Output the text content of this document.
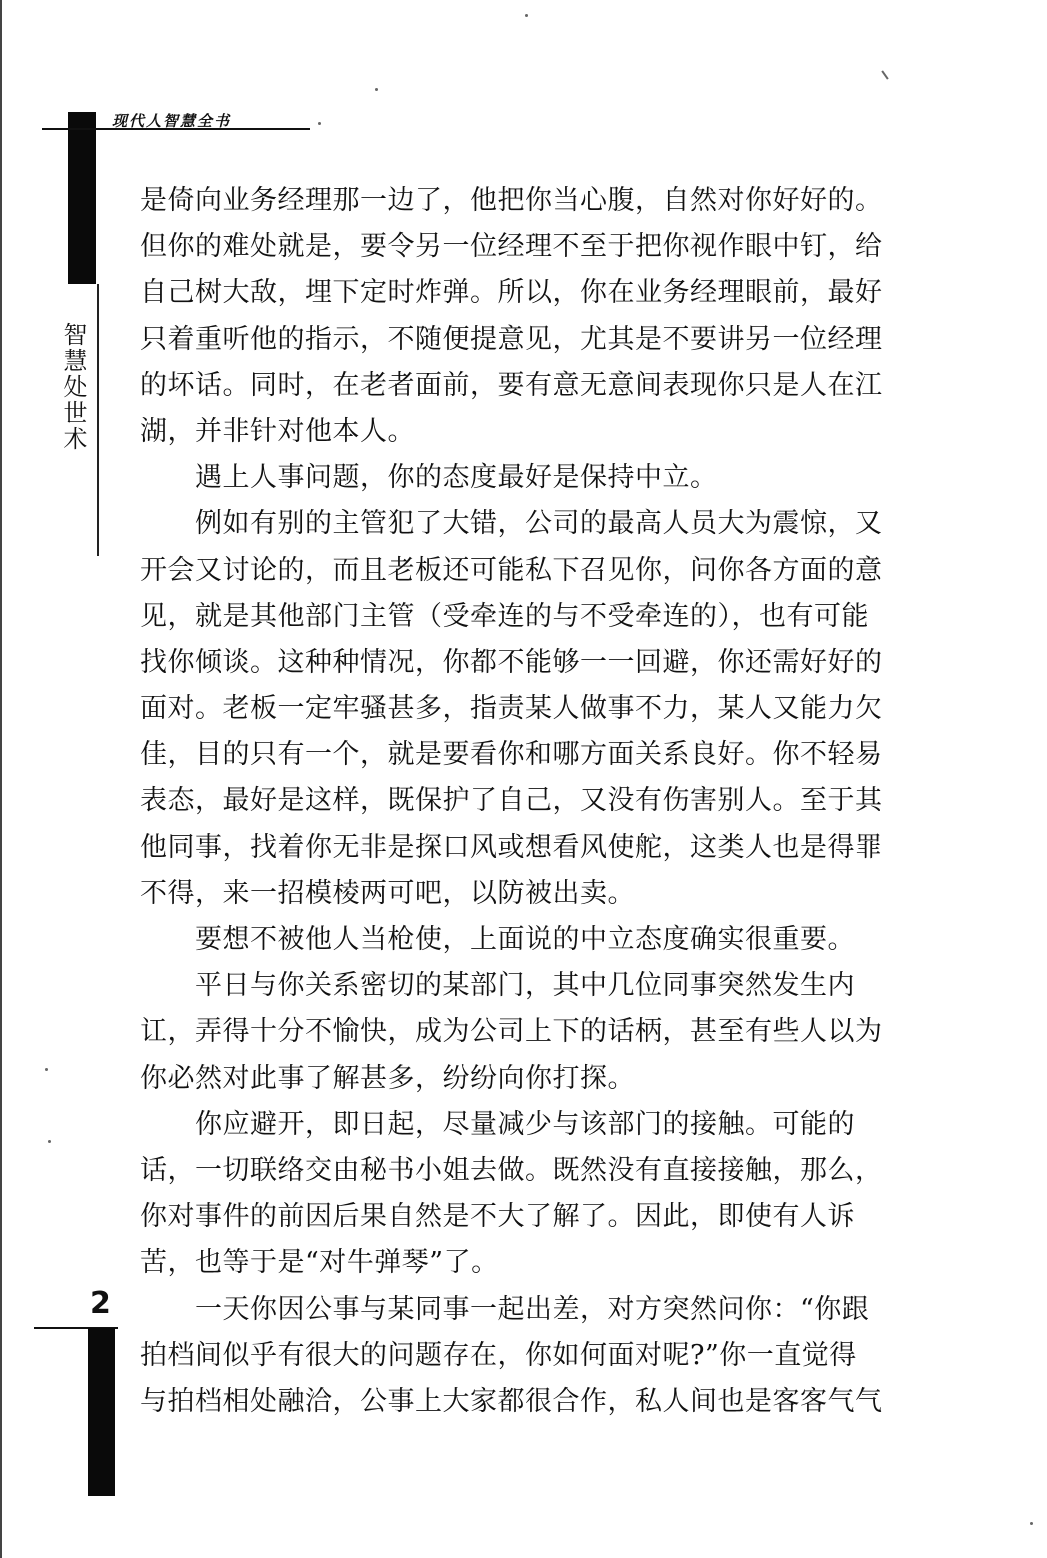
现代人智慧全书
智慧处世术
2
是倚向业务经理那一边了，他把你当心腹，自然对你好好的。
但你的难处就是，要令另一位经理不至于把你视作眼中钉，给
自己树大敌，埋下定时炸弹。所以，你在业务经理眼前，最好
只着重听他的指示，不随便提意见，尤其是不要讲另一位经理
的坏话。同时，在老者面前，要有意无意间表现你只是人在江
湖，并非针对他本人。
　　遇上人事问题，你的态度最好是保持中立。
　　例如有别的主管犯了大错，公司的最高人员大为震惊，又
开会又讨论的，而且老板还可能私下召见你，问你各方面的意
见，就是其他部门主管（受牵连的与不受牵连的），也有可能
找你倾谈。这种种情况，你都不能够一一回避，你还需好好的
面对。老板一定牢骚甚多，指责某人做事不力，某人又能力欠
佳，目的只有一个，就是要看你和哪方面关系良好。你不轻易
表态，最好是这样，既保护了自己，又没有伤害别人。至于其
他同事，找着你无非是探口风或想看风使舵，这类人也是得罪
不得，来一招模棱两可吧，以防被出卖。
　　要想不被他人当枪使，上面说的中立态度确实很重要。
　　平日与你关系密切的某部门，其中几位同事突然发生内
讧，弄得十分不愉快，成为公司上下的话柄，甚至有些人以为
你必然对此事了解甚多，纷纷向你打探。
　　你应避开，即日起，尽量减少与该部门的接触。可能的
话，一切联络交由秘书小姐去做。既然没有直接接触，那么，
你对事件的前因后果自然是不大了解了。因此，即使有人诉
苦，也等于是“对牛弹琴”了。
　　一天你因公事与某同事一起出差，对方突然问你：“你跟
拍档间似乎有很大的问题存在，你如何面对呢?”你一直觉得
与拍档相处融洽，公事上大家都很合作，私人间也是客客气气
